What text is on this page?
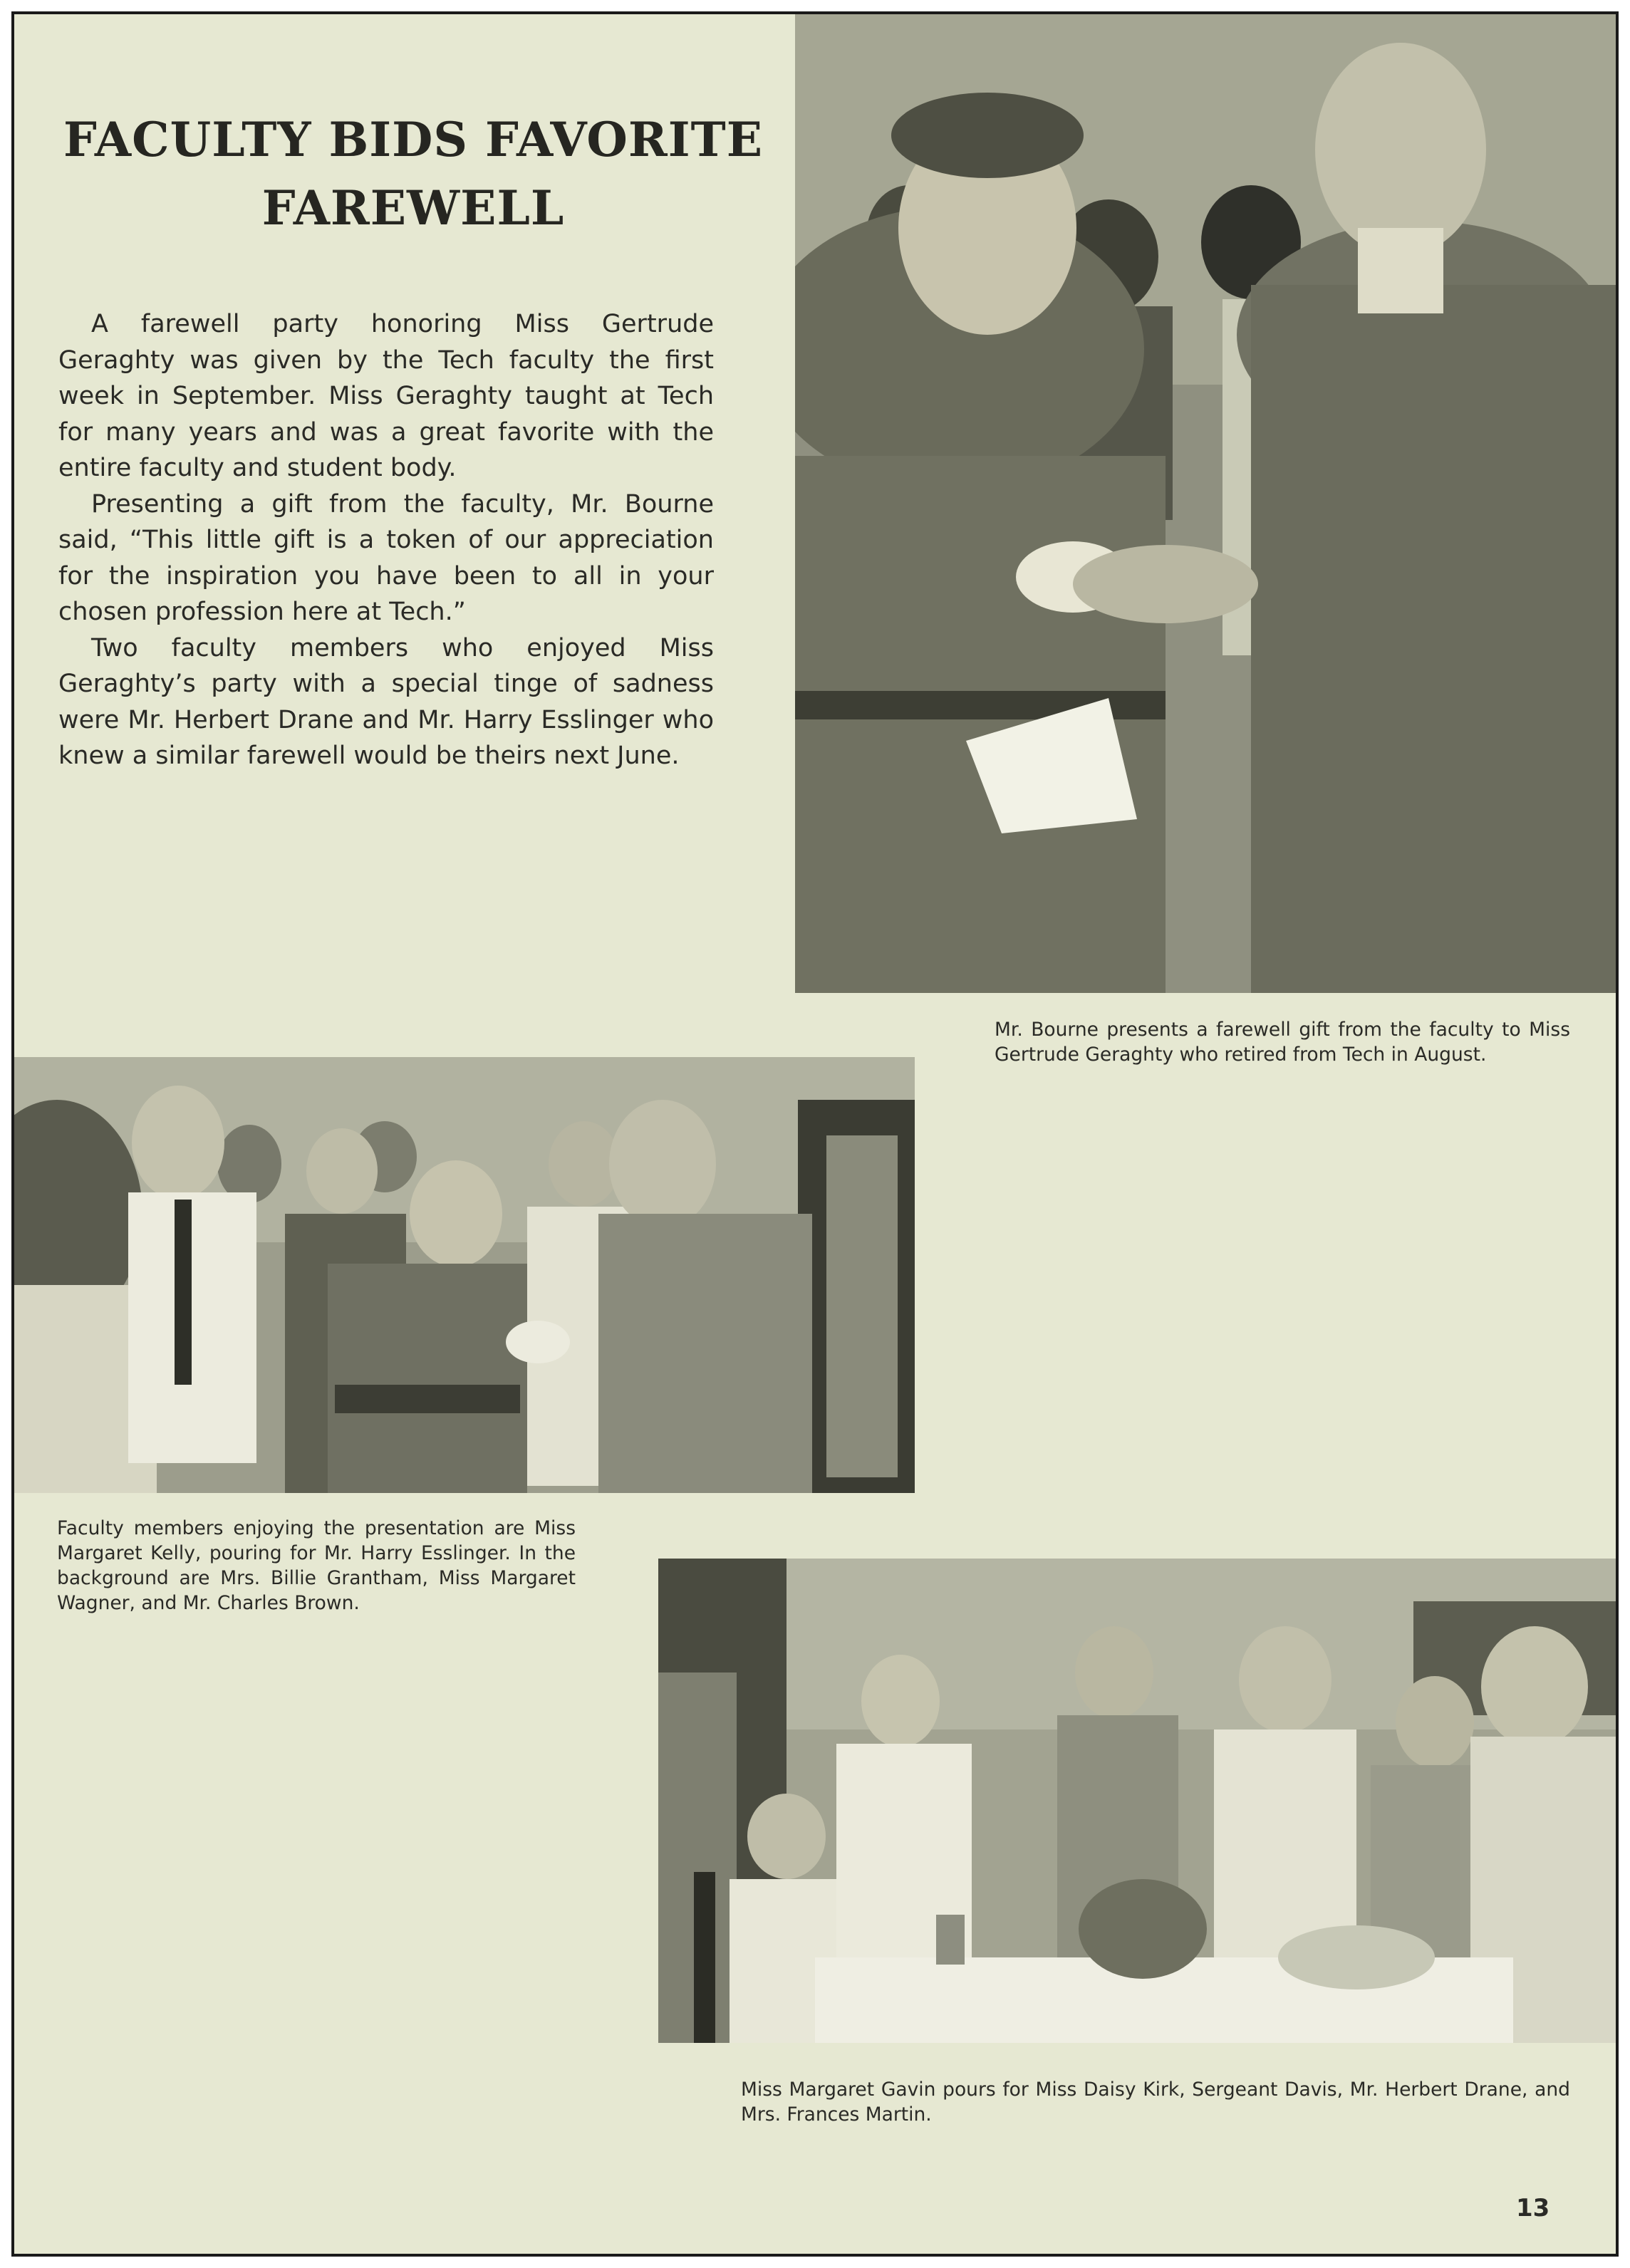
FACULTY BIDS FAVORITE
FAREWELL

A farewell party honoring Miss Gertrude Geraghty was given by the Tech faculty the first week in September. Miss Geraghty taught at Tech for many years and was a great favorite with the entire faculty and student body.

Presenting a gift from the faculty, Mr. Bourne said, “This little gift is a token of our appreciation for the inspiration you have been to all in your chosen profession here at Tech.”

Two faculty members who enjoyed Miss Geraghty’s party with a special tinge of sadness were Mr. Herbert Drane and Mr. Harry Esslinger who knew a similar farewell would be theirs next June.

Mr. Bourne presents a farewell gift from the faculty to Miss Gertrude Geraghty who retired from Tech in August.
Faculty members enjoying the presentation are Miss Margaret Kelly, pouring for Mr. Harry Esslinger. In the background are Mrs. Billie Grantham, Miss Margaret Wagner, and Mr. Charles Brown.
Miss Margaret Gavin pours for Miss Daisy Kirk, Sergeant Davis, Mr. Herbert Drane, and Mrs. Frances Martin.
13
